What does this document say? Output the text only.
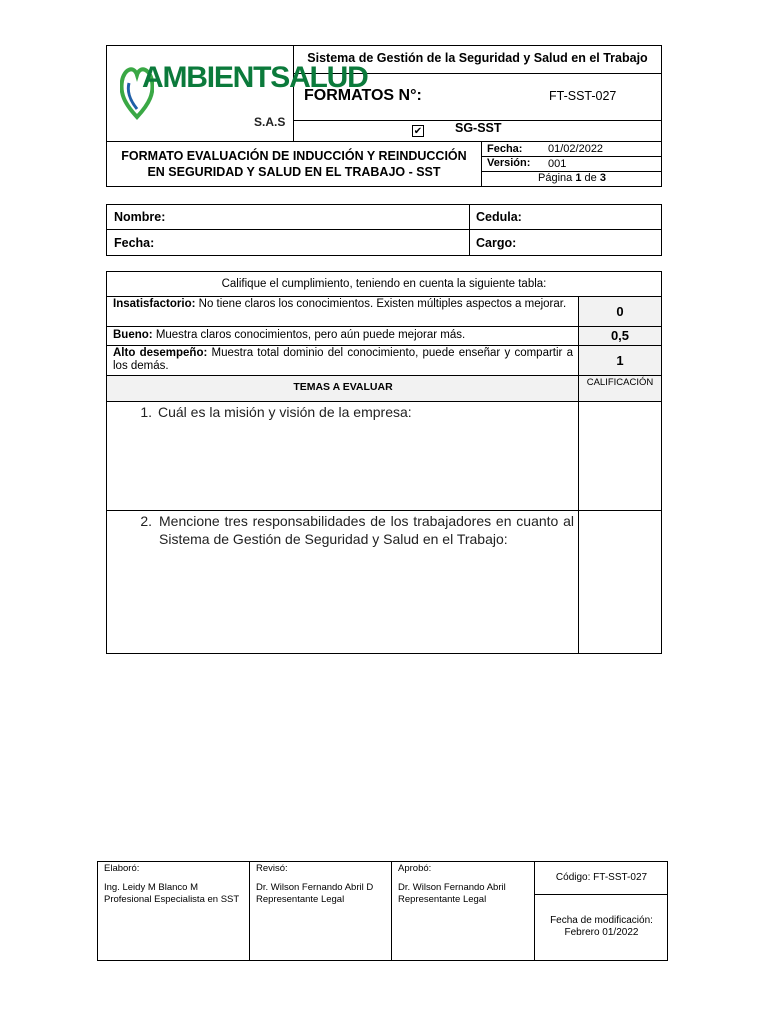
AMBIENTSALUD
S.A.S
Sistema de Gestión de la Seguridad y Salud en el Trabajo
FORMATOS N°:	FT-SST-027
✔	SG-SST
FORMATO EVALUACIÓN DE INDUCCIÓN Y REINDUCCIÓN EN SEGURIDAD Y SALUD EN EL TRABAJO - SST
Fecha: 01/02/2022
Versión: 001
Página 1 de 3
Nombre:	Cedula:
Fecha:	Cargo:
Califique el cumplimiento, teniendo en cuenta la siguiente tabla:
Insatisfactorio: No tiene claros los conocimientos. Existen múltiples aspectos a mejorar.	0
Bueno: Muestra claros conocimientos, pero aún puede mejorar más.	0,5
Alto desempeño: Muestra total dominio del conocimiento, puede enseñar y compartir a los demás.	1
TEMAS A EVALUAR	CALIFICACIÓN
1. Cuál es la misión y visión de la empresa:
2. Mencione tres responsabilidades de los trabajadores en cuanto al Sistema de Gestión de Seguridad y Salud en el Trabajo:
Elaboró:
Ing. Leidy M Blanco M
Profesional Especialista en SST
Revisó:
Dr. Wilson Fernando Abril D
Representante Legal
Aprobó:
Dr. Wilson Fernando Abril
Representante Legal
Código: FT-SST-027
Fecha de modificación:
Febrero 01/2022
